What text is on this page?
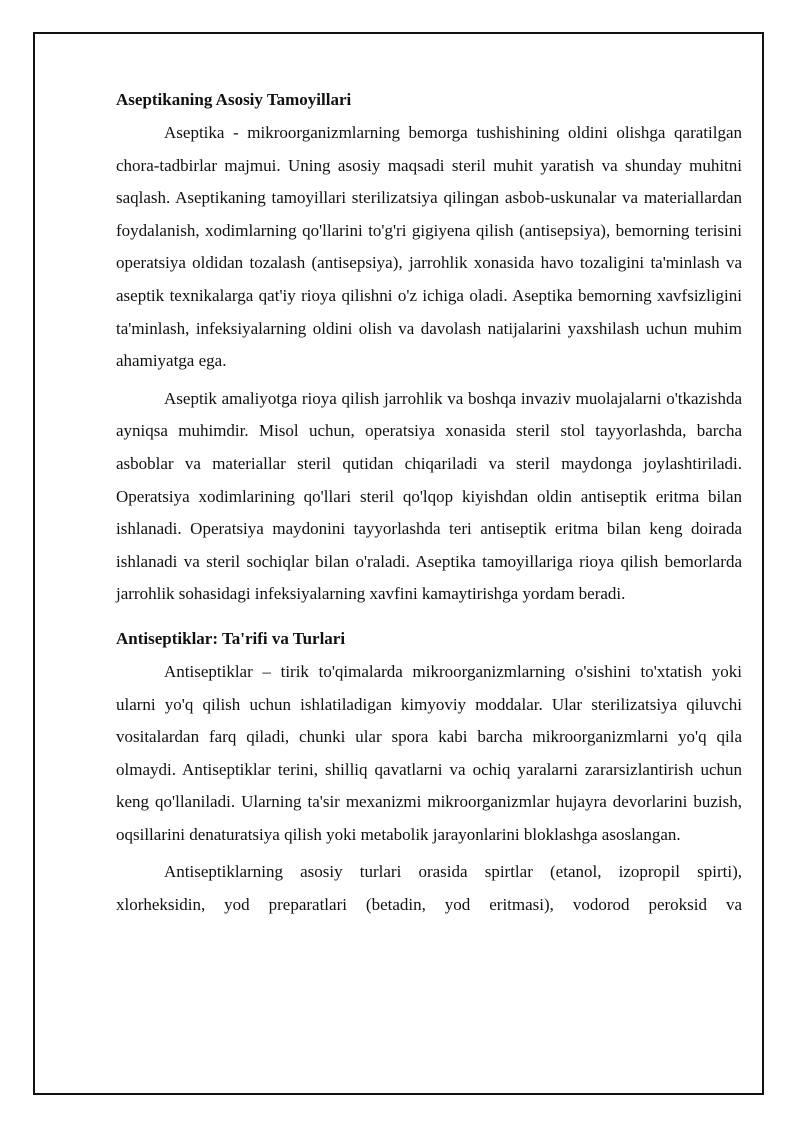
Aseptikaning Asosiy Tamoyillari

Aseptika - mikroorganizmlarning bemorga tushishining oldini olishga qaratilgan chora-tadbirlar majmui. Uning asosiy maqsadi steril muhit yaratish va shunday muhitni saqlash. Aseptikaning tamoyillari sterilizatsiya qilingan asbob-uskunalar va materiallardan foydalanish, xodimlarning qo'llarini to'g'ri gigiyena qilish (antisepsiya), bemorning terisini operatsiya oldidan tozalash (antisepsiya), jarrohlik xonasida havo tozaligini ta'minlash va aseptik texnikalarga qat'iy rioya qilishni o'z ichiga oladi. Aseptika bemorning xavfsizligini ta'minlash, infeksiyalarning oldini olish va davolash natijalarini yaxshilash uchun muhim ahamiyatga ega.

Aseptik amaliyotga rioya qilish jarrohlik va boshqa invaziv muolajalarni o'tkazishda ayniqsa muhimdir. Misol uchun, operatsiya xonasida steril stol tayyorlashda, barcha asboblar va materiallar steril qutidan chiqariladi va steril maydonga joylashtiriladi. Operatsiya xodimlarining qo'llari steril qo'lqop kiyishdan oldin antiseptik eritma bilan ishlanadi. Operatsiya maydonini tayyorlashda teri antiseptik eritma bilan keng doirada ishlanadi va steril sochiqlar bilan o'raladi. Aseptika tamoyillariga rioya qilish bemorlarda jarrohlik sohasidagi infeksiyalarning xavfini kamaytirishga yordam beradi.

Antiseptiklar: Ta'rifi va Turlari

Antiseptiklar – tirik to'qimalarda mikroorganizmlarning o'sishini to'xtatish yoki ularni yo'q qilish uchun ishlatiladigan kimyoviy moddalar. Ular sterilizatsiya qiluvchi vositalardan farq qiladi, chunki ular spora kabi barcha mikroorganizmlarni yo'q qila olmaydi. Antiseptiklar terini, shilliq qavatlarni va ochiq yaralarni zararsizlantirish uchun keng qo'llaniladi. Ularning ta'sir mexanizmi mikroorganizmlar hujayra devorlarini buzish, oqsillarini denaturatsiya qilish yoki metabolik jarayonlarini bloklashga asoslangan.

Antiseptiklarning asosiy turlari orasida spirtlar (etanol, izopropil spirti), xlorheksidin, yod preparatlari (betadin, yod eritmasi), vodorod peroksid va
